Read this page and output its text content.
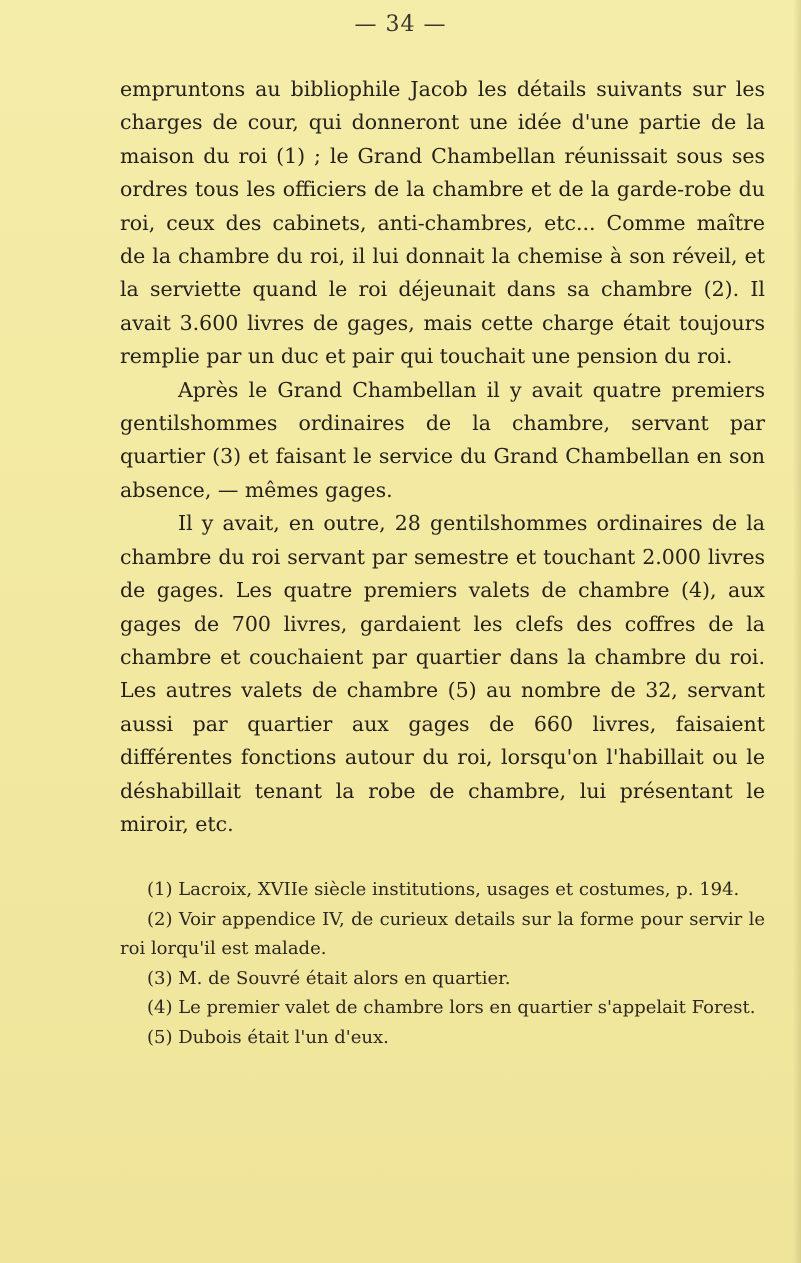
— 34 —

empruntons au bibliophile Jacob les détails suivants sur les charges de cour, qui donneront une idée d'une partie de la maison du roi (1) ; le Grand Chambellan réunissait sous ses ordres tous les officiers de la chambre et de la garde-robe du roi, ceux des cabinets, anti-chambres, etc... Comme maître de la chambre du roi, il lui donnait la chemise à son réveil, et la serviette quand le roi déjeunait dans sa chambre (2). Il avait 3.600 livres de gages, mais cette charge était toujours remplie par un duc et pair qui touchait une pension du roi.

Après le Grand Chambellan il y avait quatre premiers gentilshommes ordinaires de la chambre, servant par quartier (3) et faisant le service du Grand Chambellan en son absence, — mêmes gages.

Il y avait, en outre, 28 gentilshommes ordinaires de la chambre du roi servant par semestre et touchant 2.000 livres de gages. Les quatre premiers valets de chambre (4), aux gages de 700 livres, gardaient les clefs des coffres de la chambre et couchaient par quartier dans la chambre du roi. Les autres valets de chambre (5) au nombre de 32, servant aussi par quartier aux gages de 660 livres, faisaient différentes fonctions autour du roi, lorsqu'on l'habillait ou le déshabillait tenant la robe de chambre, lui présentant le miroir, etc.

(1) Lacroix, XVIIe siècle institutions, usages et costumes, p. 194.

(2) Voir appendice IV, de curieux details sur la forme pour servir le roi lorqu'il est malade.

(3) M. de Souvré était alors en quartier.

(4) Le premier valet de chambre lors en quartier s'appelait Forest.

(5) Dubois était l'un d'eux.
